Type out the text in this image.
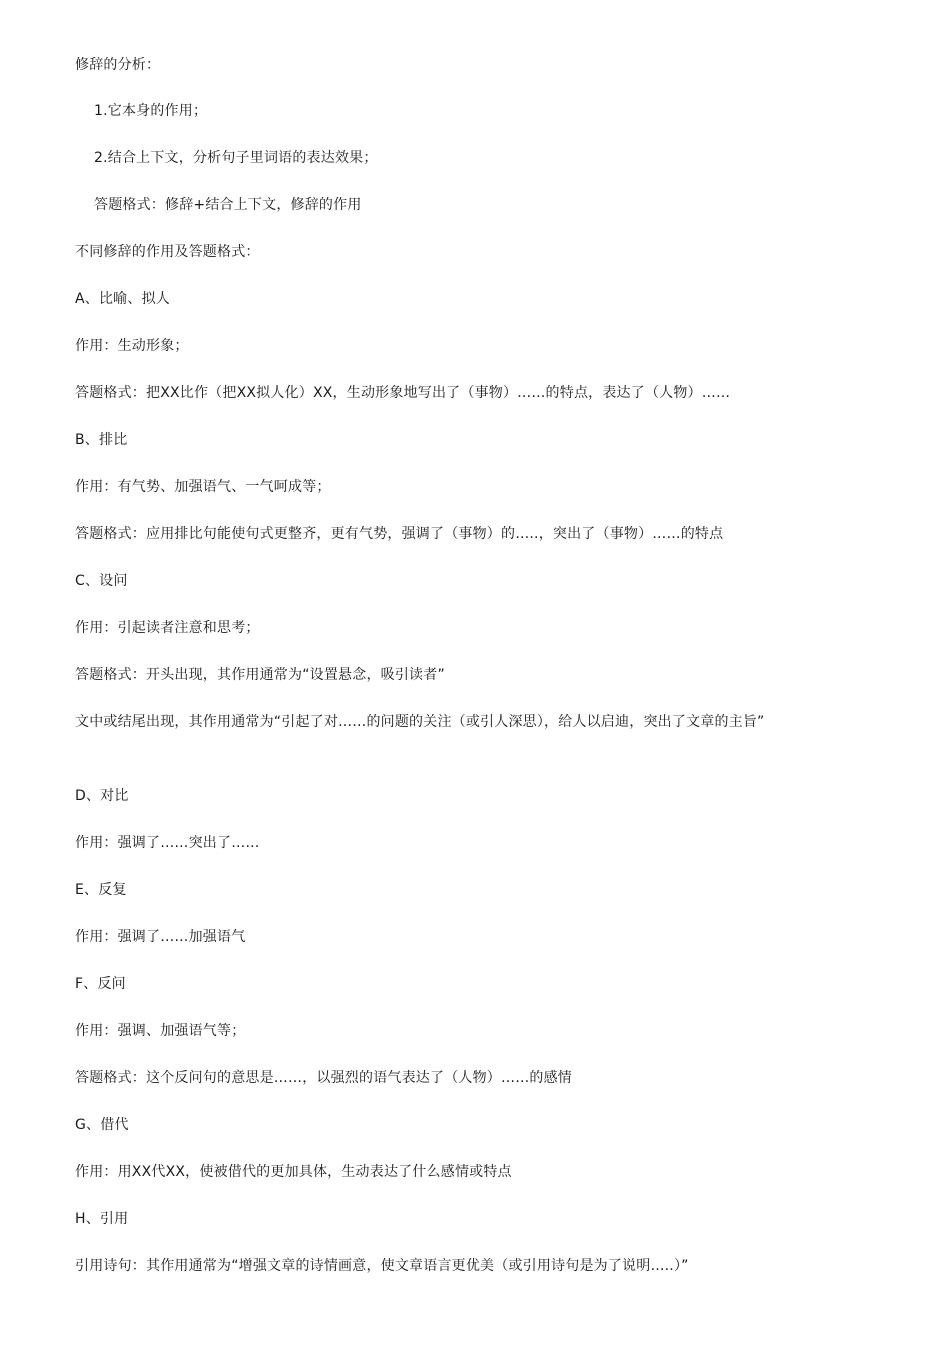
修辞的分析：
1.它本身的作用；
2.结合上下文，分析句子里词语的表达效果；
答题格式：修辞+结合上下文，修辞的作用
不同修辞的作用及答题格式：
A、比喻、拟人
作用：生动形象；
答题格式：把XX比作（把XX拟人化）XX，生动形象地写出了（事物）……的特点，表达了（人物）……
B、排比
作用：有气势、加强语气、一气呵成等；
答题格式：应用排比句能使句式更整齐，更有气势，强调了（事物）的…..，突出了（事物）……的特点
C、设问
作用：引起读者注意和思考；
答题格式：开头出现，其作用通常为“设置悬念，吸引读者”
文中或结尾出现，其作用通常为“引起了对……的问题的关注（或引人深思），给人以启迪，突出了文章的主旨”
D、对比
作用：强调了……突出了……
E、反复
作用：强调了……加强语气
F、反问
作用：强调、加强语气等；
答题格式：这个反问句的意思是……，以强烈的语气表达了（人物）……的感情
G、借代
作用：用XX代XX，使被借代的更加具体，生动表达了什么感情或特点
H、引用
引用诗句：其作用通常为“增强文章的诗情画意，使文章语言更优美（或引用诗句是为了说明…..）”
